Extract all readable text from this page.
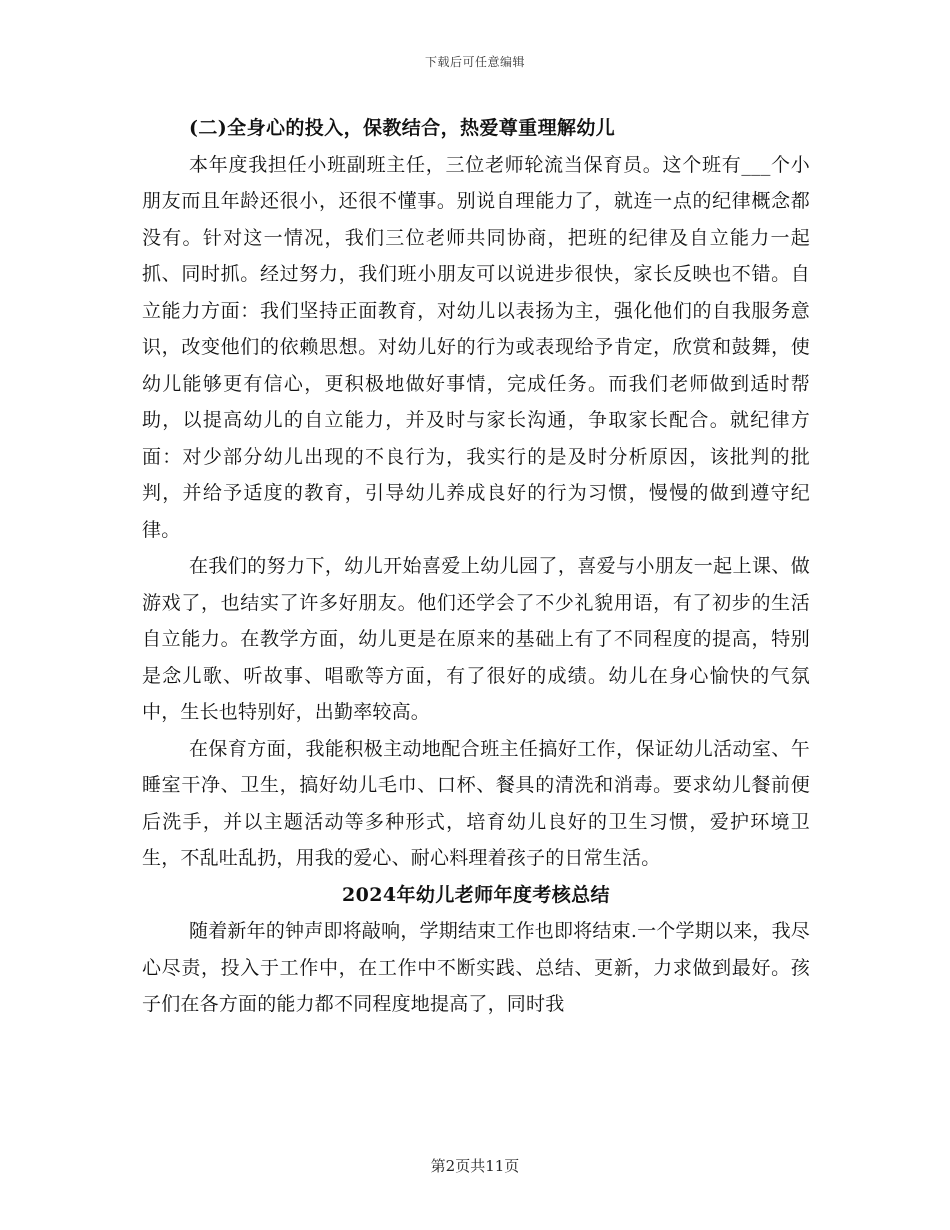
下载后可任意编辑
(二)全身心的投入，保教结合，热爱尊重理解幼儿

本年度我担任小班副班主任，三位老师轮流当保育员。这个班有___个小朋友而且年龄还很小，还很不懂事。别说自理能力了，就连一点的纪律概念都没有。针对这一情况，我们三位老师共同协商，把班的纪律及自立能力一起抓、同时抓。经过努力，我们班小朋友可以说进步很快，家长反映也不错。自立能力方面：我们坚持正面教育，对幼儿以表扬为主，强化他们的自我服务意识，改变他们的依赖思想。对幼儿好的行为或表现给予肯定，欣赏和鼓舞，使幼儿能够更有信心，更积极地做好事情，完成任务。而我们老师做到适时帮助，以提高幼儿的自立能力，并及时与家长沟通，争取家长配合。就纪律方面：对少部分幼儿出现的不良行为，我实行的是及时分析原因，该批判的批判，并给予适度的教育，引导幼儿养成良好的行为习惯，慢慢的做到遵守纪律。

在我们的努力下，幼儿开始喜爱上幼儿园了，喜爱与小朋友一起上课、做游戏了，也结实了许多好朋友。他们还学会了不少礼貌用语，有了初步的生活自立能力。在教学方面，幼儿更是在原来的基础上有了不同程度的提高，特别是念儿歌、听故事、唱歌等方面，有了很好的成绩。幼儿在身心愉快的气氛中，生长也特别好，出勤率较高。

在保育方面，我能积极主动地配合班主任搞好工作，保证幼儿活动室、午睡室干净、卫生，搞好幼儿毛巾、口杯、餐具的清洗和消毒。要求幼儿餐前便后洗手，并以主题活动等多种形式，培育幼儿良好的卫生习惯，爱护环境卫生，不乱吐乱扔，用我的爱心、耐心料理着孩子的日常生活。

2024年幼儿老师年度考核总结

随着新年的钟声即将敲响，学期结束工作也即将结束.一个学期以来，我尽心尽责，投入于工作中，在工作中不断实践、总结、更新，力求做到最好。孩子们在各方面的能力都不同程度地提高了，同时我

第2页共11页
